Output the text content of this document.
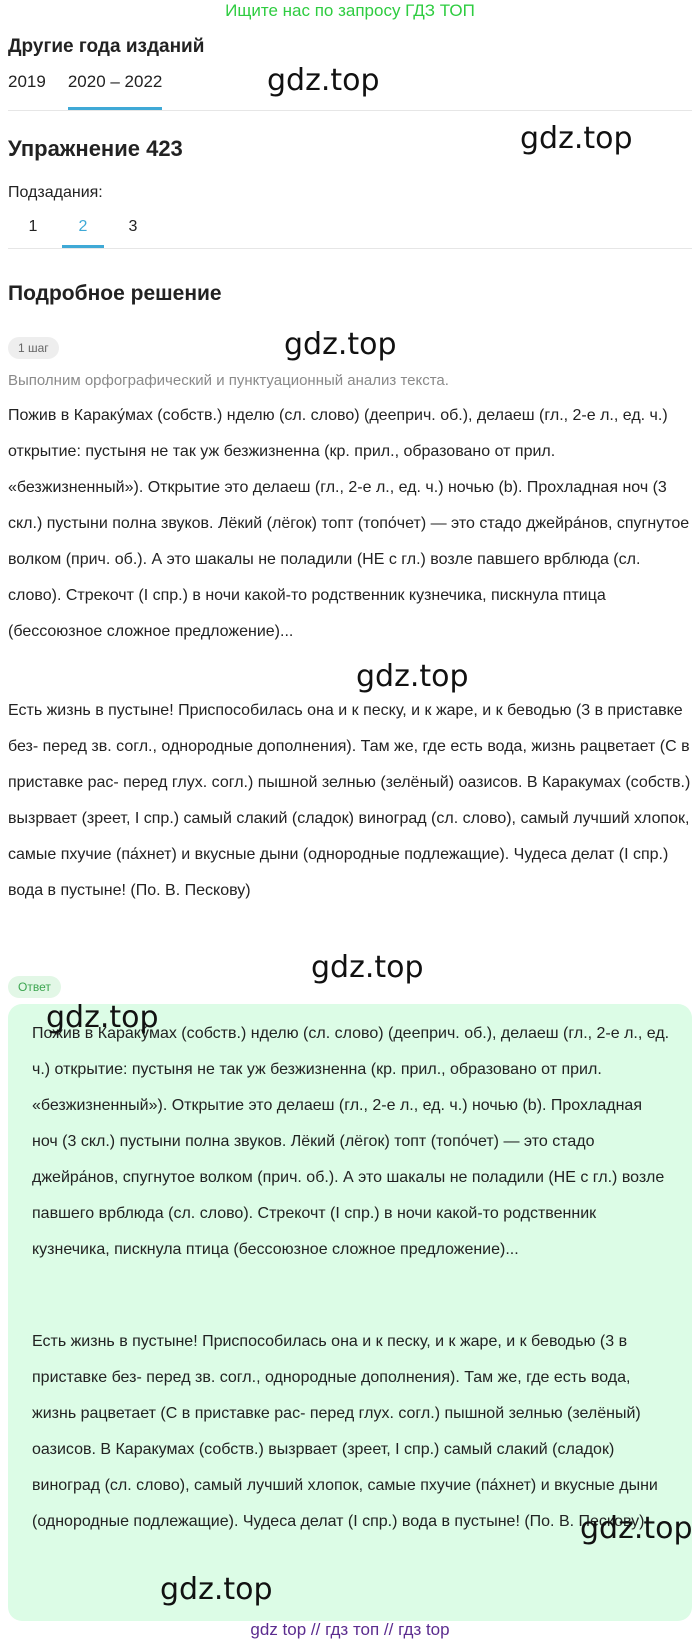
Ищите нас по запросу ГДЗ ТОП
Другие года изданий
2019 2020 – 2022
Упражнение 423
Подзадания:
1	2	3
Подробное решение
1 шаг
Выполним орфографический и пунктуационный анализ текста.
Пожив в Караку́мах (собств.) нделю (сл. слово) (дееприч. об.), делаеш (гл., 2-е л., ед. ч.) открытие: пустыня не так уж безжизненна (кр. прил., образовано от прил. «безжизненный»). Открытие это делаеш (гл., 2-е л., ед. ч.) ночью (b). Прохладная ноч (3 скл.) пустыни полна звуков. Лёкий (лёгок) топт (топо́чет) — это стадо джейра́нов, спугнутое волком (прич. об.). А это шакалы не поладили (НЕ с гл.) возле павшего врблюда (сл. слово). Стрекочт (I спр.) в ночи какой-то родственник кузнечика, пискнула птица (бессоюзное сложное предложение)...
Есть жизнь в пустыне! Приспособилась она и к песку, и к жаре, и к беводью (3 в приставке без- перед зв. согл., однородные дополнения). Там же, где есть вода, жизнь рацветает (С в приставке рас- перед глух. согл.) пышной зелнью (зелёный) оазисов. В Каракумах (собств.) вызрвает (зреет, I спр.) самый слакий (сладок) виноград (сл. слово), самый лучший хлопок, самые пхучие (па́хнет) и вкусные дыни (однородные подлежащие). Чудеса делат (I спр.) вода в пустыне! (По. В. Пескову)
Ответ
Пожив в Караку́мах (собств.) нделю (сл. слово) (дееприч. об.), делаеш (гл., 2-е л., ед. ч.) открытие: пустыня не так уж безжизненна (кр. прил., образовано от прил. «безжизненный»). Открытие это делаеш (гл., 2-е л., ед. ч.) ночью (b). Прохладная ноч (3 скл.) пустыни полна звуков. Лёкий (лёгок) топт (топо́чет) — это стадо джейра́нов, спугнутое волком (прич. об.). А это шакалы не поладили (НЕ с гл.) возле павшего врблюда (сл. слово). Стрекочт (I спр.) в ночи какой-то родственник кузнечика, пискнула птица (бессоюзное сложное предложение)...
Есть жизнь в пустыне! Приспособилась она и к песку, и к жаре, и к беводью (3 в приставке без- перед зв. согл., однородные дополнения). Там же, где есть вода, жизнь рацветает (С в приставке рас- перед глух. согл.) пышной зелнью (зелёный) оазисов. В Каракумах (собств.) вызрвает (зреет, I спр.) самый слакий (сладок) виноград (сл. слово), самый лучший хлопок, самые пхучие (па́хнет) и вкусные дыни (однородные подлежащие). Чудеса делат (I спр.) вода в пустыне! (По. В. Пескову)
gdz.top
gdz.top
gdz.top
gdz.top
gdz.top
gdz.top
gdz.top
gdz.top
gdz top // гдз топ // гдз top
